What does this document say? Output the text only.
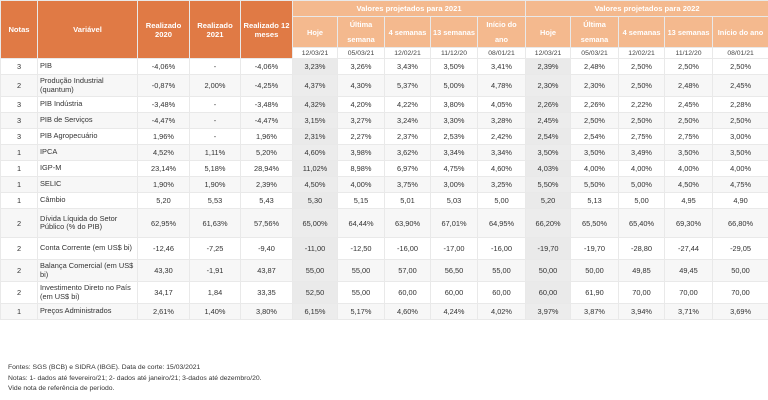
Notas	Variável	Realizado 2020	Realizado 2021	Realizado 12 meses	Valores projetados para 2021					Valores projetados para 2022				
					Hoje	Última semana	4 semanas	13 semanas	Início do ano	Hoje	Última semana	4 semanas	13 semanas	Início do ano
					12/03/21	05/03/21	12/02/21	11/12/20	08/01/21	12/03/21	05/03/21	12/02/21	11/12/20	08/01/21
3	PIB	-4,06%	-	-4,06%	3,23%	3,26%	3,43%	3,50%	3,41%	2,39%	2,48%	2,50%	2,50%	2,50%
2	Produção Industrial (quantum)	-0,87%	2,00%	-4,25%	4,37%	4,30%	5,37%	5,00%	4,78%	2,30%	2,30%	2,50%	2,48%	2,45%
3	PIB Indústria	-3,48%	-	-3,48%	4,32%	4,20%	4,22%	3,80%	4,05%	2,26%	2,26%	2,22%	2,45%	2,28%
3	PIB de Serviços	-4,47%	-	-4,47%	3,15%	3,27%	3,24%	3,30%	3,28%	2,45%	2,50%	2,50%	2,50%	2,50%
3	PIB Agropecuário	1,96%	-	1,96%	2,31%	2,27%	2,37%	2,53%	2,42%	2,54%	2,54%	2,75%	2,75%	3,00%
1	IPCA	4,52%	1,11%	5,20%	4,60%	3,98%	3,62%	3,34%	3,34%	3,50%	3,50%	3,49%	3,50%	3,50%
1	IGP-M	23,14%	5,18%	28,94%	11,02%	8,98%	6,97%	4,75%	4,60%	4,03%	4,00%	4,00%	4,00%	4,00%
1	SELIC	1,90%	1,90%	2,39%	4,50%	4,00%	3,75%	3,00%	3,25%	5,50%	5,50%	5,00%	4,50%	4,75%
1	Câmbio	5,20	5,53	5,43	5,30	5,15	5,01	5,03	5,00	5,20	5,13	5,00	4,95	4,90
2	Dívida Líquida do Setor Público (% do PIB)	62,95%	61,63%	57,56%	65,00%	64,44%	63,90%	67,01%	64,95%	66,20%	65,50%	65,40%	69,30%	66,80%
2	Conta Corrente (em US$ bi)	-12,46	-7,25	-9,40	-11,00	-12,50	-16,00	-17,00	-16,00	-19,70	-19,70	-28,80	-27,44	-29,05
2	Balança Comercial (em US$ bi)	43,30	-1,91	43,87	55,00	55,00	57,00	56,50	55,00	50,00	50,00	49,85	49,45	50,00
2	Investimento Direto no País (em US$ bi)	34,17	1,84	33,35	52,50	55,00	60,00	60,00	60,00	60,00	61,90	70,00	70,00	70,00
1	Preços Administrados	2,61%	1,40%	3,80%	6,15%	5,17%	4,60%	4,24%	4,02%	3,97%	3,87%	3,94%	3,71%	3,69%
Fontes: SGS (BCB) e SIDRA (IBGE). Data de corte: 15/03/2021
Notas: 1- dados até fevereiro/21; 2- dados até janeiro/21; 3-dados até dezembro/20.
Vide nota de referência de período.
